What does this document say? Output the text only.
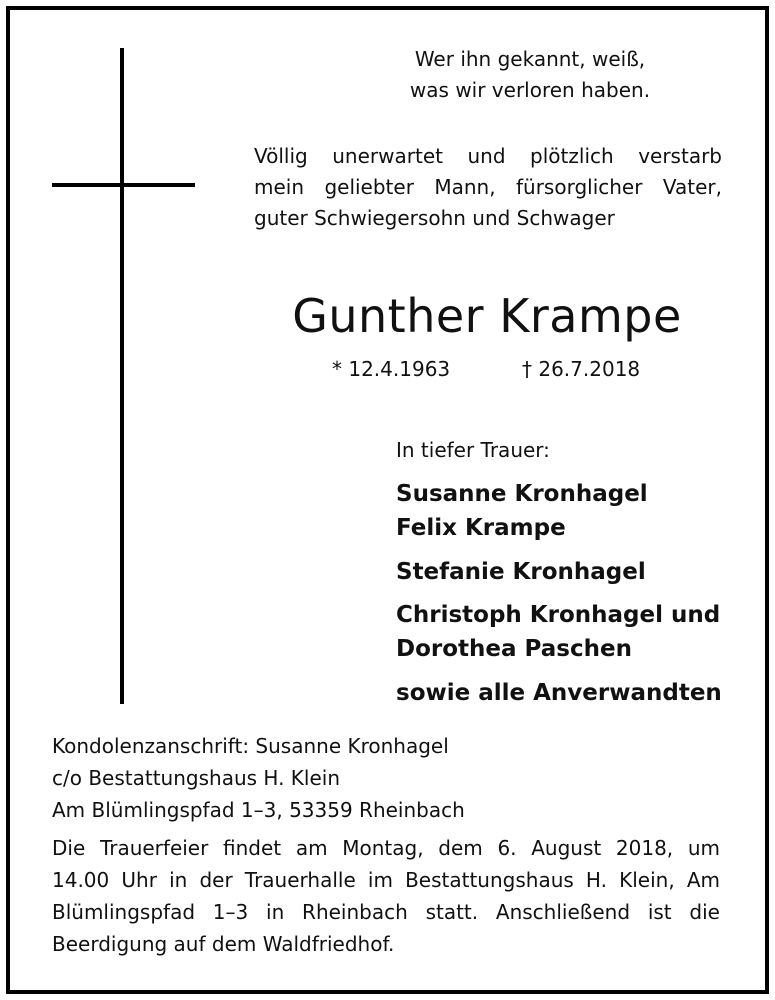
Wer ihn gekannt, weiß,
was wir verloren haben.
Völlig unerwartet und plötzlich verstarb
mein geliebter Mann, fürsorglicher Vater,
guter Schwiegersohn und Schwager
Gunther Krampe
* 12.4.1963	† 26.7.2018
In tiefer Trauer:
Susanne Kronhagel
Felix Krampe
Stefanie Kronhagel
Christoph Kronhagel und
Dorothea Paschen
sowie alle Anverwandten
Kondolenzanschrift: Susanne Kronhagel
c/o Bestattungshaus H. Klein
Am Blümlingspfad 1–3, 53359 Rheinbach
Die Trauerfeier findet am Montag, dem 6. August 2018, um
14.00 Uhr in der Trauerhalle im Bestattungshaus H. Klein, Am
Blümlingspfad 1–3 in Rheinbach statt. Anschließend ist die
Beerdigung auf dem Waldfriedhof.
